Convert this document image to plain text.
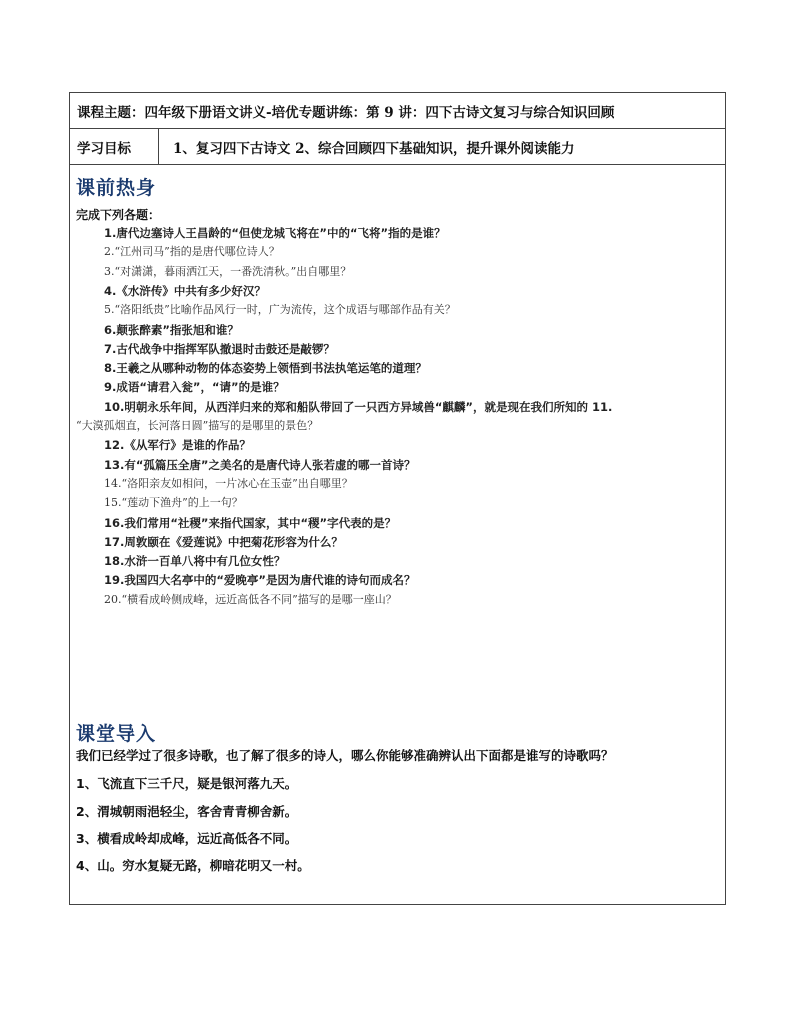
课程主题：四年级下册语文讲义-培优专题讲练：第 9 讲：四下古诗文复习与综合知识回顾
学习目标	1、复习四下古诗文 2、综合回顾四下基础知识，提升课外阅读能力
课前热身
完成下列各题：
1.唐代边塞诗人王昌龄的“但使龙城飞将在”中的“飞将”指的是谁？
2.“江州司马”指的是唐代哪位诗人？
3.“对潇潇，暮雨洒江天，一番洗清秋。”出自哪里？
4.《水浒传》中共有多少好汉？
5.“洛阳纸贵”比喻作品风行一时，广为流传，这个成语与哪部作品有关？
6.颠张醉素”指张旭和谁？
7.古代战争中指挥军队撤退时击鼓还是敲锣？
8.王羲之从哪种动物的体态姿势上领悟到书法执笔运笔的道理？
9.成语“请君入瓮”，“请”的是谁？
10.明朝永乐年间，从西洋归来的郑和船队带回了一只西方异域兽“麒麟”，就是现在我们所知的 11.
“大漠孤烟直，长河落日圆”描写的是哪里的景色？
12.《从军行》是谁的作品？
13.有“孤篇压全唐”之美名的是唐代诗人张若虚的哪一首诗？
14.“洛阳亲友如相问，一片冰心在玉壶”出自哪里？
15.“莲动下渔舟”的上一句？
16.我们常用“社稷”来指代国家，其中“稷”字代表的是？
17.周敦颐在《爱莲说》中把菊花形容为什么？
18.水浒一百单八将中有几位女性？
19.我国四大名亭中的“爱晚亭”是因为唐代谁的诗句而成名？
20.“横看成岭侧成峰，远近高低各不同”描写的是哪一座山？
课堂导入
我们已经学过了很多诗歌，也了解了很多的诗人，哪么你能够准确辨认出下面都是谁写的诗歌吗？
1、飞流直下三千尺，疑是银河落九天。
2、渭城朝雨浥轻尘，客舍青青柳舍新。
3、横看成岭却成峰，远近高低各不同。
4、山。穷水复疑无路，柳暗花明又一村。
